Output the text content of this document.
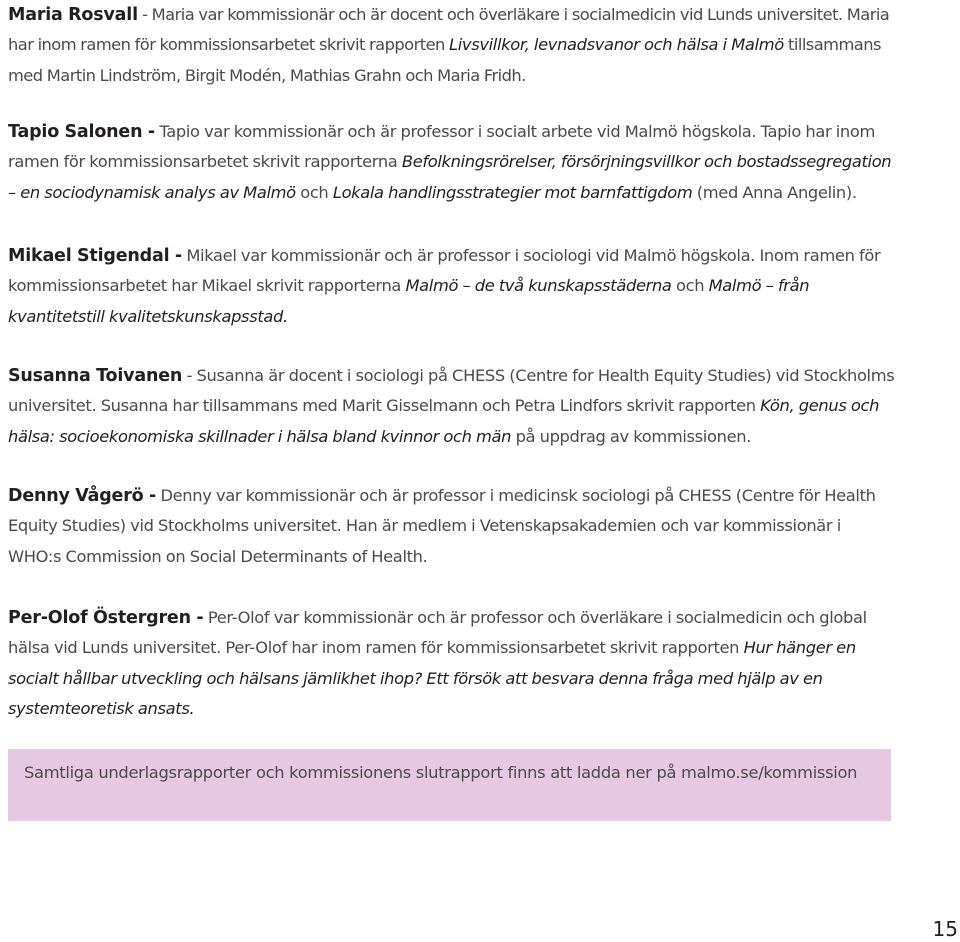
Maria Rosvall - Maria var kommissionär och är docent och överläkare i socialmedicin vid Lunds universitet. Maria har inom ramen för kommissionsarbetet skrivit rapporten Livsvillkor, levnadsvanor och hälsa i Malmö tillsammans med Martin Lindström, Birgit Modén, Mathias Grahn och Maria Fridh.

Tapio Salonen - Tapio var kommissionär och är professor i socialt arbete vid Malmö högskola. Tapio har inom ramen för kommissionsarbetet skrivit rapporterna Befolkningsrörelser, försörjningsvillkor och bostadssegregation – en sociodynamisk analys av Malmö och Lokala handlingsstrategier mot barnfattigdom (med Anna Angelin).

Mikael Stigendal - Mikael var kommissionär och är professor i sociologi vid Malmö högskola. Inom ramen för kommissionsarbetet har Mikael skrivit rapporterna Malmö – de två kunskapsstäderna och Malmö – från kvantitetstill kvalitetskunskapsstad.

Susanna Toivanen - Susanna är docent i sociologi på CHESS (Centre for Health Equity Studies) vid Stockholms universitet. Susanna har tillsammans med Marit Gisselmann och Petra Lindfors skrivit rapporten Kön, genus och hälsa: socioekonomiska skillnader i hälsa bland kvinnor och män på uppdrag av kommissionen.

Denny Vågerö - Denny var kommissionär och är professor i medicinsk sociologi på CHESS (Centre för Health Equity Studies) vid Stockholms universitet. Han är medlem i Vetenskapsakademien och var kommissionär i WHO:s Commission on Social Determinants of Health.

Per-Olof Östergren - Per-Olof var kommissionär och är professor och överläkare i socialmedicin och global hälsa vid Lunds universitet. Per-Olof har inom ramen för kommissionsarbetet skrivit rapporten Hur hänger en socialt hållbar utveckling och hälsans jämlikhet ihop? Ett försök att besvara denna fråga med hjälp av en systemteoretisk ansats.

Samtliga underlagsrapporter och kommissionens slutrapport finns att ladda ner på malmo.se/kommission
15
